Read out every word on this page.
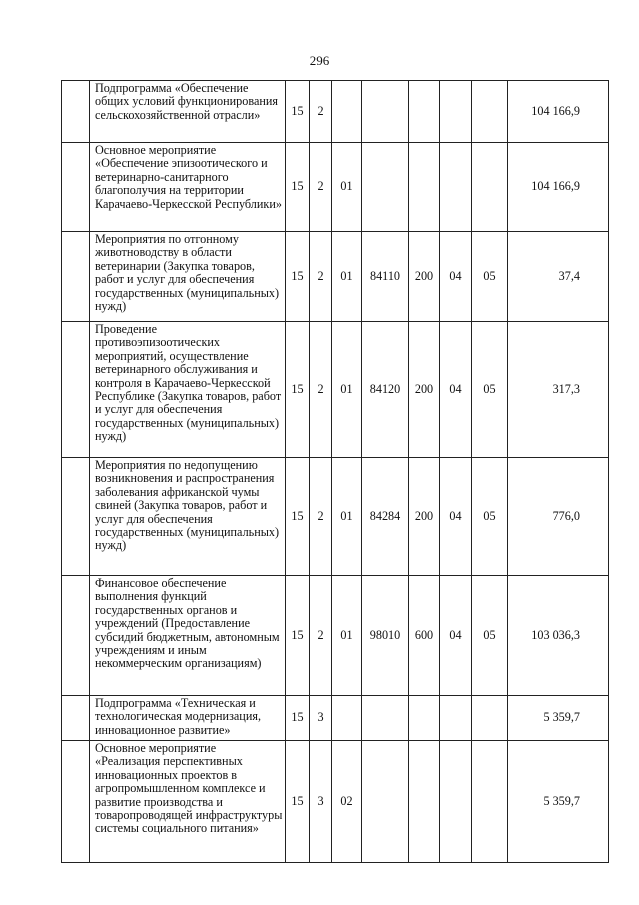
296
	Подпрограмма «Обеспечение общих условий функционирования сельскохозяйственной отрасли»	15	2						104 166,9
	Основное мероприятие «Обеспечение эпизоотического и ветеринарно-санитарного благополучия на территории Карачаево-Черкесской Республики»	15	2	01					104 166,9
	Мероприятия по отгонному животноводству в области ветеринарии (Закупка товаров, работ и услуг для обеспечения государственных (муниципальных) нужд)	15	2	01	84110	200	04	05	37,4
	Проведение противоэпизоотических мероприятий, осуществление ветеринарного обслуживания и контроля в Карачаево-Черкесской Республике (Закупка товаров, работ и услуг для обеспечения государственных (муниципальных) нужд)	15	2	01	84120	200	04	05	317,3
	Мероприятия по недопущению возникновения и распространения заболевания африканской чумы свиней (Закупка товаров, работ и услуг для обеспечения государственных (муниципальных) нужд)	15	2	01	84284	200	04	05	776,0
	Финансовое обеспечение выполнения функций государственных органов и учреждений (Предоставление субсидий бюджетным, автономным учреждениям и иным некоммерческим организациям)	15	2	01	98010	600	04	05	103 036,3
	Подпрограмма «Техническая и технологическая модернизация, инновационное развитие»	15	3						5 359,7
	Основное мероприятие «Реализация перспективных инновационных проектов в агропромышленном комплексе и развитие производства и товаропроводящей инфраструктуры системы социального питания»	15	3	02					5 359,7
